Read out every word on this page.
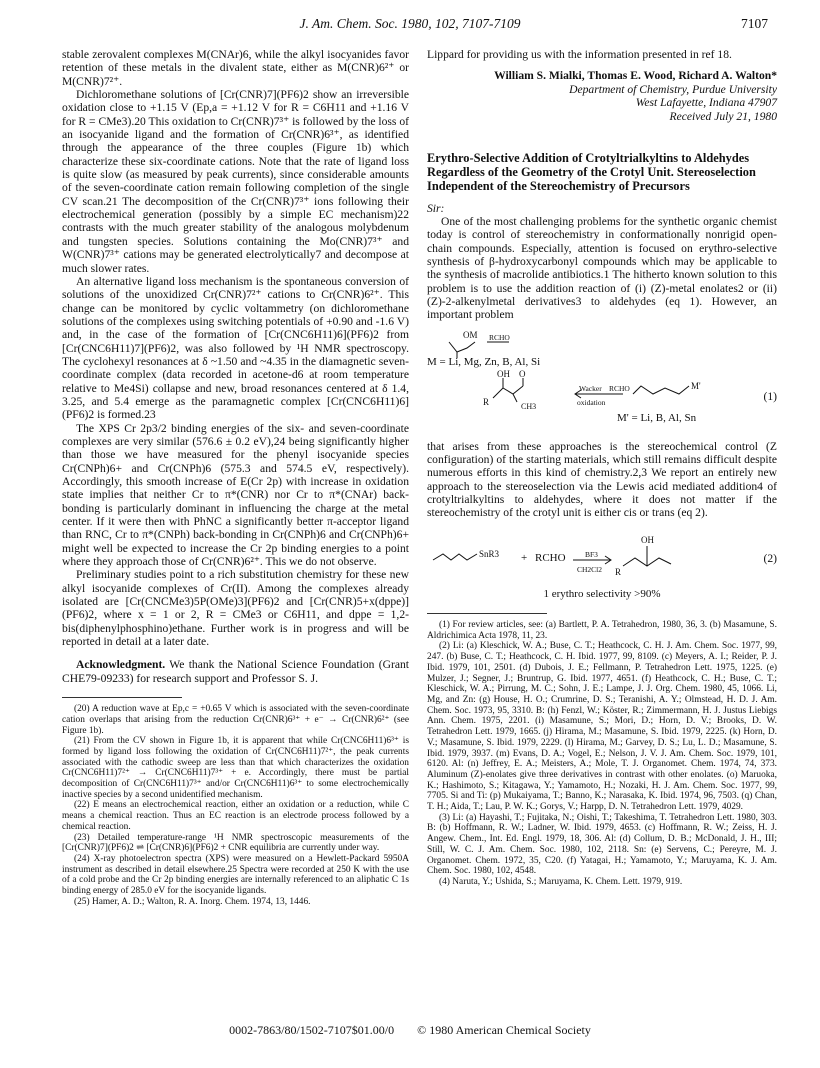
J. Am. Chem. Soc. 1980, 102, 7107-7109	7107

stable zerovalent complexes M(CNAr)6, while the alkyl isocyanides favor retention of these metals in the divalent state, either as M(CNR)6²⁺ or M(CNR)7²⁺.

Dichloromethane solutions of [Cr(CNR)7](PF6)2 show an irreversible oxidation close to +1.15 V (Ep,a = +1.12 V for R = C6H11 and +1.16 V for R = CMe3).20 This oxidation to Cr(CNR)7³⁺ is followed by the loss of an isocyanide ligand and the formation of Cr(CNR)6³⁺, as identified through the appearance of the three couples (Figure 1b) which characterize these six-coordinate cations. Note that the rate of ligand loss is quite slow (as measured by peak currents), since considerable amounts of the seven-coordinate cation remain following completion of the single CV scan.21 The decomposition of the Cr(CNR)7³⁺ ions following their electrochemical generation (possibly by a simple EC mechanism)22 contrasts with the much greater stability of the analogous molybdenum and tungsten species. Solutions containing the Mo(CNR)7³⁺ and W(CNR)7³⁺ cations may be generated electrolytically7 and decompose at much slower rates.

An alternative ligand loss mechanism is the spontaneous conversion of solutions of the unoxidized Cr(CNR)7²⁺ cations to Cr(CNR)6²⁺. This change can be monitored by cyclic voltammetry (on dichloromethane solutions of the complexes using switching potentials of +0.90 and -1.6 V) and, in the case of the formation of [Cr(CNC6H11)6](PF6)2 from [Cr(CNC6H11)7](PF6)2, was also followed by ¹H NMR spectroscopy. The cyclohexyl resonances at δ ~1.50 and ~4.35 in the diamagnetic seven-coordinate complex (data recorded in acetone-d6 at room temperature relative to Me4Si) collapse and new, broad resonances centered at δ 1.4, 3.25, and 5.4 emerge as the paramagnetic complex [Cr(CNC6H11)6](PF6)2 is formed.23

The XPS Cr 2p3/2 binding energies of the six- and seven-coordinate complexes are very similar (576.6 ± 0.2 eV),24 being significantly higher than those we have measured for the phenyl isocyanide species Cr(CNPh)6+ and Cr(CNPh)6 (575.3 and 574.5 eV, respectively). Accordingly, this smooth increase of E(Cr 2p) with increase in oxidation state implies that neither Cr to π*(CNR) nor Cr to π*(CNAr) back-bonding is particularly dominant in influencing the charge at the metal center. If it were then with PhNC a significantly better π-acceptor ligand than RNC, Cr to π*(CNPh) back-bonding in Cr(CNPh)6 and Cr(CNPh)6+ might well be expected to increase the Cr 2p binding energies to a point where they approach those of Cr(CNR)6²⁺. This we do not observe.

Preliminary studies point to a rich substitution chemistry for these new alkyl isocyanide complexes of Cr(II). Among the complexes already isolated are [Cr(CNCMe3)5P(OMe)3](PF6)2 and [Cr(CNR)5+x(dppe)](PF6)2, where x = 1 or 2, R = CMe3 or C6H11, and dppe = 1,2-bis(diphenylphosphino)ethane. Further work is in progress and will be reported in detail at a later date.

Acknowledgment. We thank the National Science Foundation (Grant CHE79-09233) for research support and Professor S. J.

(20) A reduction wave at Ep,c = +0.65 V which is associated with the seven-coordinate cation overlaps that arising from the reduction Cr(CNR)6³⁺ + e⁻ → Cr(CNR)6²⁺ (see Figure 1b).
(21) From the CV shown in Figure 1b, it is apparent that while Cr(CNC6H11)6³⁺ is formed by ligand loss following the oxidation of Cr(CNC6H11)7²⁺, the peak currents associated with the cathodic sweep are less than that which characterizes the oxidation Cr(CNC6H11)7²⁺ → Cr(CNC6H11)7³⁺ + e. Accordingly, there must be partial decomposition of Cr(CNC6H11)7³⁺ and/or Cr(CNC6H11)6³⁺ to some electrochemically inactive species by a second unidentified mechanism.
(22) E means an electrochemical reaction, either an oxidation or a reduction, while C means a chemical reaction. Thus an EC reaction is an electrode process followed by a chemical reaction.
(23) Detailed temperature-range ¹H NMR spectroscopic measurements of the [Cr(CNR)7](PF6)2 ⇌ [Cr(CNR)6](PF6)2 + CNR equilibria are currently under way.
(24) X-ray photoelectron spectra (XPS) were measured on a Hewlett-Packard 5950A instrument as described in detail elsewhere.25 Spectra were recorded at 250 K with the use of a cold probe and the Cr 2p binding energies are internally referenced to an aliphatic C 1s binding energy of 285.0 eV for the isocyanide ligands.
(25) Hamer, A. D.; Walton, R. A. Inorg. Chem. 1974, 13, 1446.

Lippard for providing us with the information presented in ref 18.

William S. Mialki, Thomas E. Wood, Richard A. Walton*
Department of Chemistry, Purdue University
West Lafayette, Indiana 47907
Received July 21, 1980
Erythro-Selective Addition of Crotyltrialkyltins to Aldehydes Regardless of the Geometry of the Crotyl Unit. Stereoselection Independent of the Stereochemistry of Precursors
Sir:

One of the most challenging problems for the synthetic organic chemist today is control of stereochemistry in conformationally nonrigid open-chain compounds. Especially, attention is focused on erythro-selective synthesis of β-hydroxycarbonyl compounds which may be applicable to the synthesis of macrolide antibiotics.1 The hitherto known solution to this problem is to use the addition reaction of (i) (Z)-metal enolates2 or (ii) (Z)-2-alkenylmetal derivatives3 to aldehydes (eq 1). However, an important problem

OM RCHO
M = Li, Mg, Zn, B, Al, Si
OH O
R	CH3
Wacker
oxidation
RCHO	M'
(1)
M' = Li, B, Al, Sn

that arises from these approaches is the stereochemical control (Z configuration) of the starting materials, which still remains difficult despite numerous efforts in this kind of chemistry.2,3 We report an entirely new approach to the stereoselection via the Lewis acid mediated addition4 of crotyltrialkyltins to aldehydes, where it does not matter if the stereochemistry of the crotyl unit is either cis or trans (eq 2).

SnR3 + RCHO	BF3
CH2Cl2 R
OH
(2)
1 erythro selectivity >90%
(1) For review articles, see: (a) Bartlett, P. A. Tetrahedron, 1980, 36, 3. (b) Masamune, S. Aldrichimica Acta 1978, 11, 23.
(2) Li: (a) Kleschick, W. A.; Buse, C. T.; Heathcock, C. H. J. Am. Chem. Soc. 1977, 99, 247. (b) Buse, C. T.; Heathcock, C. H. Ibid. 1977, 99, 8109. (c) Meyers, A. I.; Reider, P. J. Ibid. 1979, 101, 2501. (d) Dubois, J. E.; Fellmann, P. Tetrahedron Lett. 1975, 1225. (e) Mulzer, J.; Segner, J.; Bruntrup, G. Ibid. 1977, 4651. (f) Heathcock, C. H.; Buse, C. T.; Kleschick, W. A.; Pirrung, M. C.; Sohn, J. E.; Lampe, J. J. Org. Chem. 1980, 45, 1066. Li, Mg, and Zn: (g) House, H. O.; Crumrine, D. S.; Teranishi, A. Y.; Olmstead, H. D. J. Am. Chem. Soc. 1973, 95, 3310. B: (h) Fenzl, W.; Köster, R.; Zimmermann, H. J. Justus Liebigs Ann. Chem. 1975, 2201. (i) Masamune, S.; Mori, D.; Horn, D. V.; Brooks, D. W. Tetrahedron Lett. 1979, 1665. (j) Hirama, M.; Masamune, S. Ibid. 1979, 2225. (k) Horn, D. V.; Masamune, S. Ibid. 1979, 2229. (l) Hirama, M.; Garvey, D. S.; Lu, L. D.; Masamune, S. Ibid. 1979, 3937. (m) Evans, D. A.; Vogel, E.; Nelson, J. V. J. Am. Chem. Soc. 1979, 101, 6120. Al: (n) Jeffrey, E. A.; Meisters, A.; Mole, T. J. Organomet. Chem. 1974, 74, 373. Aluminum (Z)-enolates give three derivatives in contrast with other enolates. (o) Maruoka, K.; Hashimoto, S.; Kitagawa, Y.; Yamamoto, H.; Nozaki, H. J. Am. Chem. Soc. 1977, 99, 7705. Si and Ti: (p) Mukaiyama, T.; Banno, K.; Narasaka, K. Ibid. 1974, 96, 7503. (q) Chan, T. H.; Aida, T.; Lau, P. W. K.; Gorys, V.; Harpp, D. N. Tetrahedron Lett. 1979, 4029.
(3) Li: (a) Hayashi, T.; Fujitaka, N.; Oishi, T.; Takeshima, T. Tetrahedron Lett. 1980, 303. B: (b) Hoffmann, R. W.; Ladner, W. Ibid. 1979, 4653. (c) Hoffmann, R. W.; Zeiss, H. J. Angew. Chem., Int. Ed. Engl. 1979, 18, 306. Al: (d) Collum, D. B.; McDonald, J. H., III; Still, W. C. J. Am. Chem. Soc. 1980, 102, 2118. Sn: (e) Servens, C.; Pereyre, M. J. Organomet. Chem. 1972, 35, C20. (f) Yatagai, H.; Yamamoto, Y.; Maruyama, K. J. Am. Chem. Soc. 1980, 102, 4548.
(4) Naruta, Y.; Ushida, S.; Maruyama, K. Chem. Lett. 1979, 919.
0002-7863/80/1502-7107$01.00/0 © 1980 American Chemical Society
